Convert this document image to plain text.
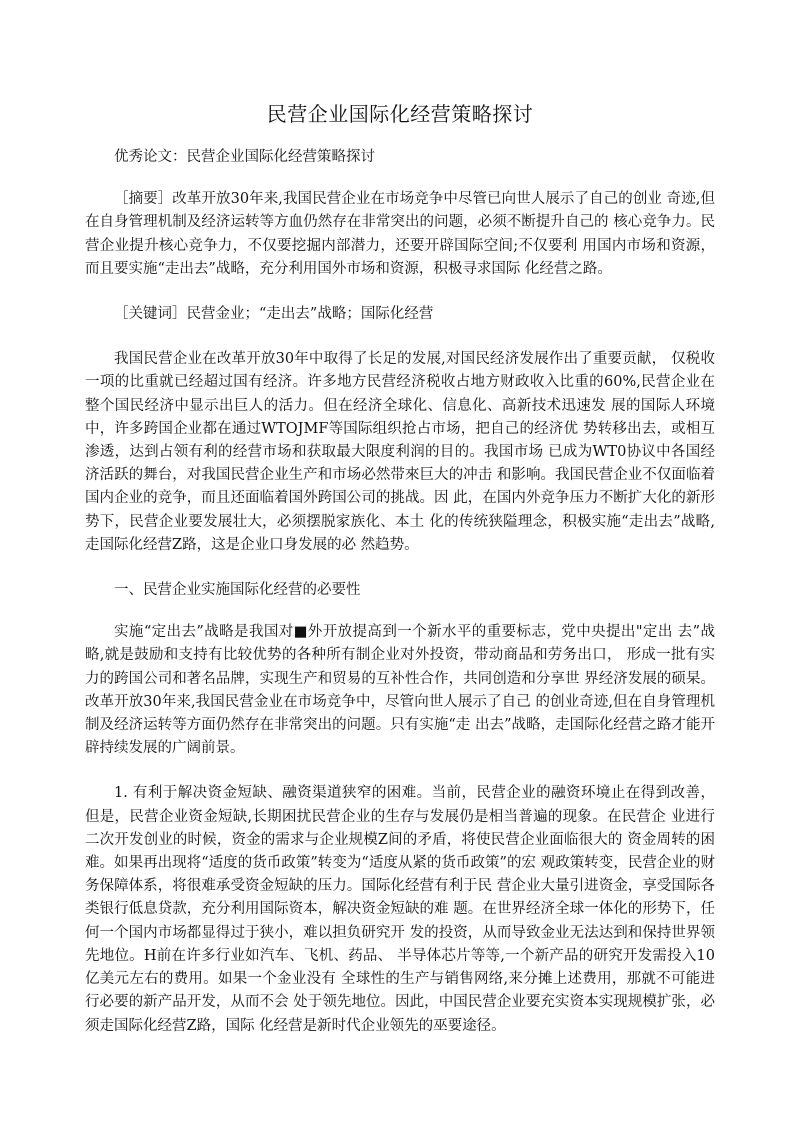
民营企业国际化经营策略探讨

优秀论文：民营企业国际化经营策略探讨

［摘要］改革开放30年来,我国民营企业在市场竞争中尽管已向世人展示了自己的创业 奇迹,但在自身管理机制及经济运转等方血仍然存在非常突出的问题，必须不断提升自己的 核心竞争力。民营企业提升核心竞争力，不仅要挖掘内部潜力，还要开辟国际空间;不仅要利 用国内市场和资源，而且要实施“走出去”战略，充分利用国外市场和资源，积极寻求国际 化经营之路。

［关键词］民营金业；“走出去”战略；国际化经营

我国民营企业在改革开放30年中取得了长足的发展,对国民经济发展作出了重要贡献， 仅税收一项的比重就已经超过国有经济。许多地方民营经济税收占地方财政收入比重的60%,民营企业在整个国民经济中显示出巨人的活力。但在经济全球化、信息化、高新技术迅速发 展的国际人环境中，许多跨国企业都在通过WTOJMF等国际组织抢占市场，把自己的经济优 势转移出去，或相互渗透，达到占领有利的经营市场和获取最大限度利润的目的。我国市场 已成为WT0协议中各国经济活跃的舞台，对我国民营企业生产和市场必然带來巨大的冲击 和影响。我国民营企业不仅面临着国内企业的竞争，而且还面临着国外跨国公司的挑战。因 此，在国内外竞争压力不断扩大化的新形势下，民营企业要发展壮大，必须摆脱家族化、本土 化的传统狭隘理念，积极实施“走出去”战略,走国际化经营Z路，这是企业口身发展的必 然趋势。

一、民营企业实施国际化经营的必要性

实施“定出去”战略是我国对■外开放提高到一个新水平的重要标志，党中央提出"定出 去”战略,就是鼓励和支持有比较优势的各种所有制企业对外投资，带动商品和劳务出口， 形成一批有实力的跨国公司和著名品牌，实现生产和贸易的互补性合作，共同创造和分享世 界经济发展的硕杲。改革开放30年来,我国民营金业在市场竞争中，尽管向世人展示了自己 的创业奇迹,但在自身管理机制及经济运转等方面仍然存在非常突出的问题。只有实施“走 出去”战略，走国际化经营之路才能开辟持续发展的广阔前景。

1. 有利于解决资金短缺、融资渠道狭窄的困难。当前，民营企业的融资环境止在得到改善， 但是，民营企业资金短缺,长期困扰民营企业的生存与发展仍是相当普遍的现象。在民营企 业进行二次开发创业的时候，资金的需求与企业规模Z间的矛盾，将使民营企业面临很大的 资金周转的困难。如果再出现将“适度的货币政策”转变为“适度从紧的货币政策”的宏 观政策转变，民营企业的财务保障体系，将很难承受资金短缺的压力。国际化经营有利于民 营企业大量引进资金，享受国际各类银行低息贷款，充分利用国际资本，解决资金短缺的难 题。在世界经济全球一体化的形势下，任何一个国内市场都显得过于狭小，难以担负研究开 发的投资，从而导致金业无法达到和保持世界领先地位。H前在许多行业如汽车、飞机、药品、 半导体芯片等等,一个新产品的研究开发需投入10亿美元左右的费用。如果一个金业没有 全球性的生产与销售网络,来分摊上述费用，那就不可能进行必要的新产品开发，从而不会 处于领先地位。因此，中国民营企业要充实资本实现规模扩张，必须走国际化经营Z路，国际 化经营是新时代企业领先的巫要途径。
